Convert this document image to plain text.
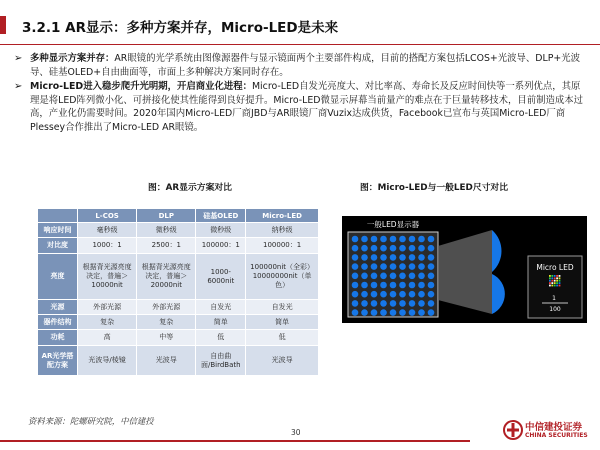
3.2.1 AR显示：多种方案并存，Micro-LED是未来
➢ 多种显示方案并存：AR眼镜的光学系统由图像源器件与显示镜面两个主要部件构成，目前的搭配方案包括LCOS+光波导、DLP+光波导、硅基OLED+自由曲面等，市面上多种解决方案同时存在。
➢ Micro-LED进入稳步爬升光明期，开启商业化进程：Micro-LED自发光亮度大、对比率高、寿命长及反应时间快等一系列优点，其原理是将LED阵列微小化、可拼接化使其性能得到良好提升。Micro-LED微显示屏幕当前量产的难点在于巨量转移技术，目前制造成本过高，产业化仍需要时间。2020年国内Micro-LED厂商JBD与AR眼镜厂商Vuzix达成供货，Facebook已宣布与英国Micro-LED厂商Plessey合作推出了Micro-LED AR眼镜。
图：AR显示方案对比	图：Micro-LED与一般LED尺寸对比
	L-COS	DLP	硅基OLED	Micro-LED
响应时间	毫秒级	微秒级	微秒级	纳秒级
对比度	1000：1	2500：1	100000：1	100000：1
亮度	根据背光源亮度决定，普遍＞10000nit	根据背光源亮度决定，普遍＞20000nit	1000-6000nit	100000nit（全彩）10000000nit（单色）
光源	外部光源	外部光源	自发光	自发光
器件结构	复杂	复杂	简单	简单
功耗	高	中等	低	低
AR光学搭配方案	光波导/棱镜	光波导	自由曲面/BirdBath	光波导
一般LED显示器
Micro LED
1
100
资料来源：陀螺研究院，中信建投
30	中信建投证券
CHINA SECURITIES
